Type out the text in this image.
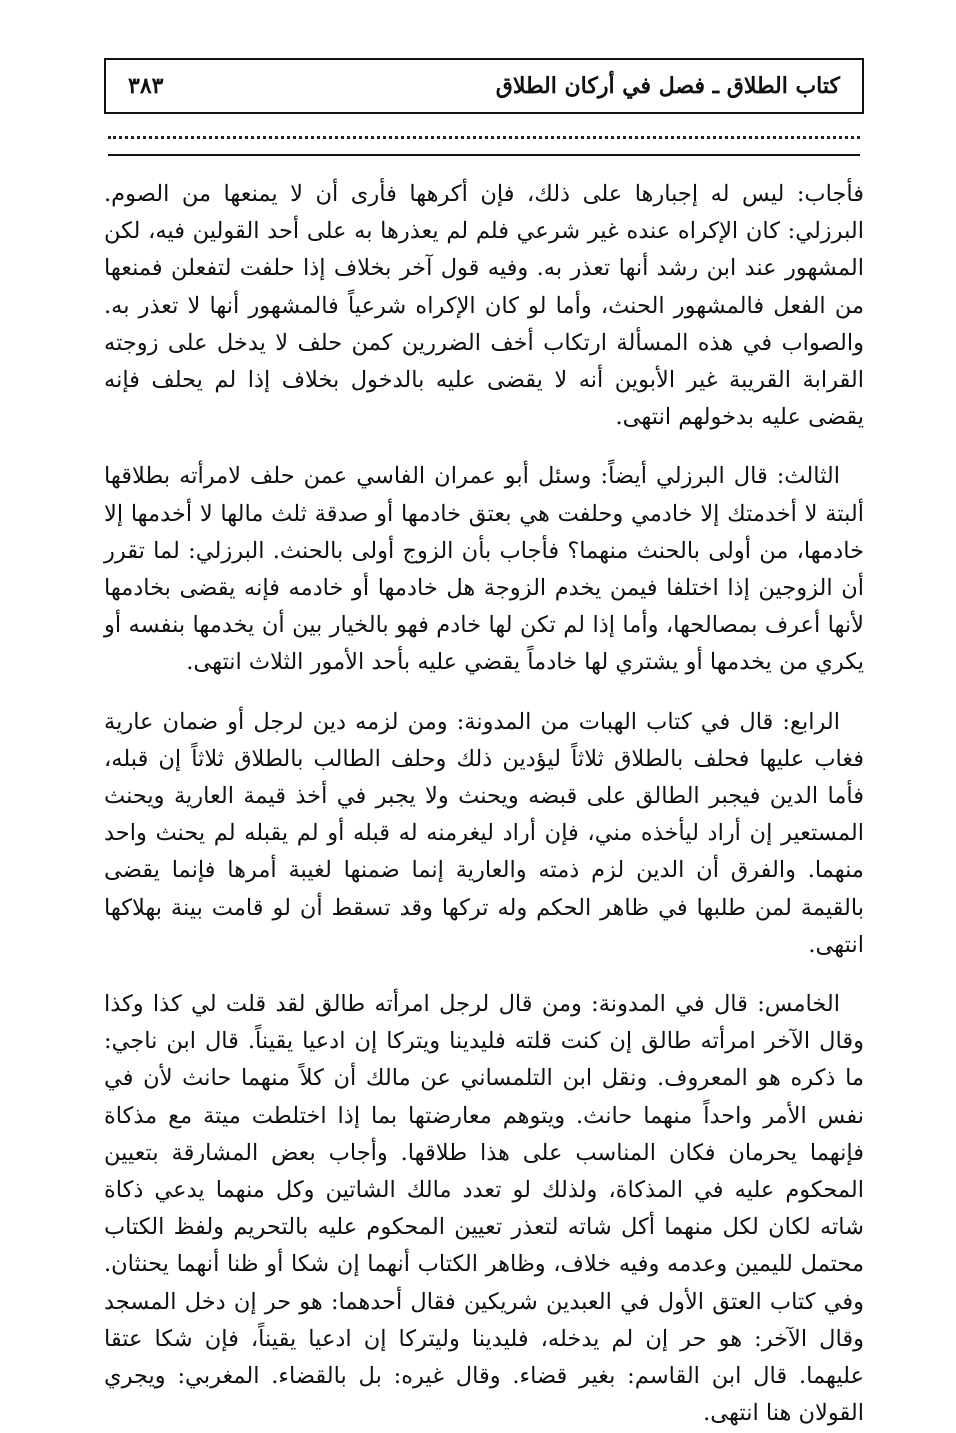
كتاب الطلاق ـ فصل في أركان الطلاق
٣٨٣

فأجاب: ليس له إجبارها على ذلك، فإن أكرهها فأرى أن لا يمنعها من الصوم. البرزلي: كان الإكراه عنده غير شرعي فلم لم يعذرها به على أحد القولين فيه، لكن المشهور عند ابن رشد أنها تعذر به. وفيه قول آخر بخلاف إذا حلفت لتفعلن فمنعها من الفعل فالمشهور الحنث، وأما لو كان الإكراه شرعياً فالمشهور أنها لا تعذر به. والصواب في هذه المسألة ارتكاب أخف الضررين كمن حلف لا يدخل على زوجته القرابة القريبة غير الأبوين أنه لا يقضى عليه بالدخول بخلاف إذا لم يحلف فإنه يقضى عليه بدخولهم انتهى.

الثالث: قال البرزلي أيضاً: وسئل أبو عمران الفاسي عمن حلف لامرأته بطلاقها ألبتة لا أخدمتك إلا خادمي وحلفت هي بعتق خادمها أو صدقة ثلث مالها لا أخدمها إلا خادمها، من أولى بالحنث منهما؟ فأجاب بأن الزوج أولى بالحنث. البرزلي: لما تقرر أن الزوجين إذا اختلفا فيمن يخدم الزوجة هل خادمها أو خادمه فإنه يقضى بخادمها لأنها أعرف بمصالحها، وأما إذا لم تكن لها خادم فهو بالخيار بين أن يخدمها بنفسه أو يكري من يخدمها أو يشتري لها خادماً يقضي عليه بأحد الأمور الثلاث انتهى.

الرابع: قال في كتاب الهبات من المدونة: ومن لزمه دين لرجل أو ضمان عارية فغاب عليها فحلف بالطلاق ثلاثاً ليؤدين ذلك وحلف الطالب بالطلاق ثلاثاً إن قبله، فأما الدين فيجبر الطالق على قبضه ويحنث ولا يجبر في أخذ قيمة العارية ويحنث المستعير إن أراد ليأخذه مني، فإن أراد ليغرمنه له قبله أو لم يقبله لم يحنث واحد منهما. والفرق أن الدين لزم ذمته والعارية إنما ضمنها لغيبة أمرها فإنما يقضى بالقيمة لمن طلبها في ظاهر الحكم وله تركها وقد تسقط أن لو قامت بينة بهلاكها انتهى.

الخامس: قال في المدونة: ومن قال لرجل امرأته طالق لقد قلت لي كذا وكذا وقال الآخر امرأته طالق إن كنت قلته فليدينا ويتركا إن ادعيا يقيناً. قال ابن ناجي: ما ذكره هو المعروف. ونقل ابن التلمساني عن مالك أن كلاً منهما حانث لأن في نفس الأمر واحداً منهما حانث. ويتوهم معارضتها بما إذا اختلطت ميتة مع مذكاة فإنهما يحرمان فكان المناسب على هذا طلاقها. وأجاب بعض المشارقة بتعيين المحكوم عليه في المذكاة، ولذلك لو تعدد مالك الشاتين وكل منهما يدعي ذكاة شاته لكان لكل منهما أكل شاته لتعذر تعيين المحكوم عليه بالتحريم ولفظ الكتاب محتمل لليمين وعدمه وفيه خلاف، وظاهر الكتاب أنهما إن شكا أو ظنا أنهما يحنثان. وفي كتاب العتق الأول في العبدين شريكين فقال أحدهما: هو حر إن دخل المسجد وقال الآخر: هو حر إن لم يدخله، فليدينا وليتركا إن ادعيا يقيناً، فإن شكا عتقا عليهما. قال ابن القاسم: بغير قضاء. وقال غيره: بل بالقضاء. المغربي: ويجري القولان هنا انتهى.
